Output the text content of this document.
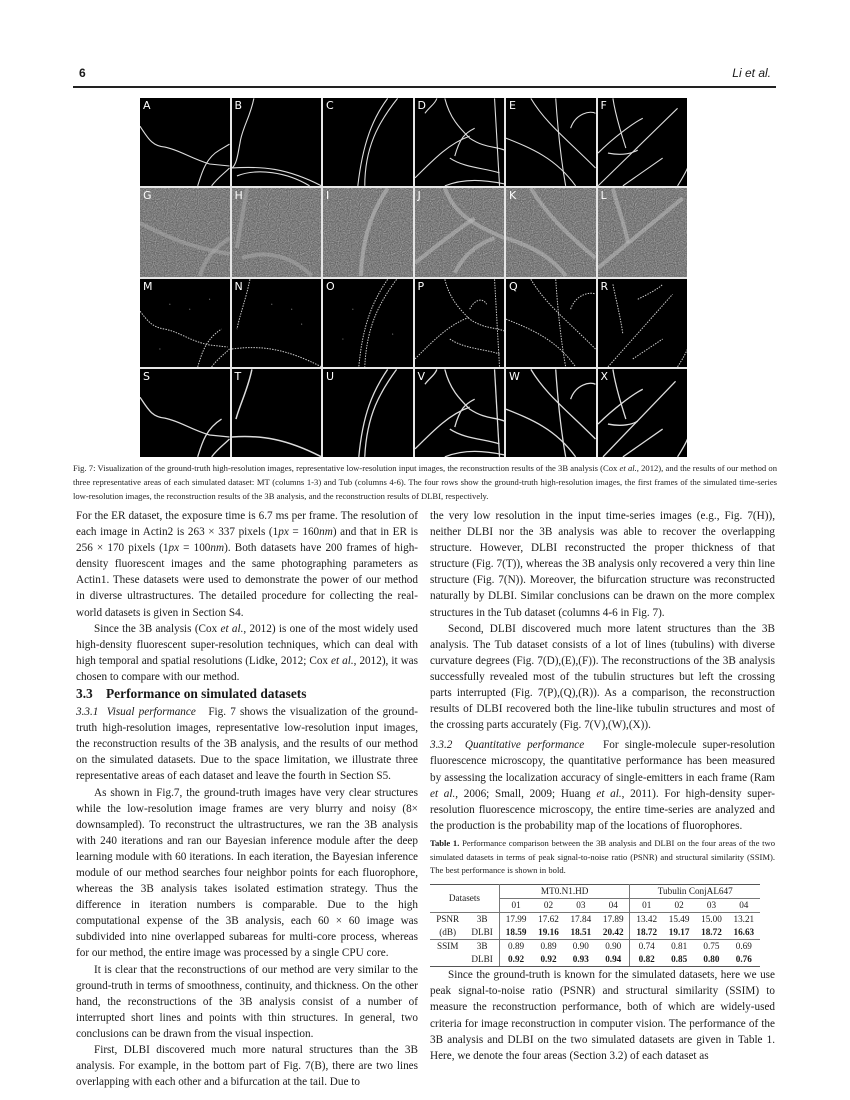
6	Li et al.
A	B	C	D	E	F
G	H	I	J	K	L
M	N	O	P	Q	R
S	T	U	V	W	X
Fig. 7: Visualization of the ground-truth high-resolution images, representative low-resolution input images, the reconstruction results of the 3B analysis (Cox et al., 2012), and the results of our method on three representative areas of each simulated dataset: MT (columns 1-3) and Tub (columns 4-6). The four rows show the ground-truth high-resolution images, the first frames of the simulated time-series low-resolution images, the reconstruction results of the 3B analysis, and the reconstruction results of DLBI, respectively.

For the ER dataset, the exposure time is 6.7 ms per frame. The resolution of each image in Actin2 is 263 × 337 pixels (1px = 160nm) and that in ER is 256 × 170 pixels (1px = 100nm). Both datasets have 200 frames of high-density fluorescent images and the same photographing parameters as Actin1. These datasets were used to demonstrate the power of our method in diverse ultrastructures. The detailed procedure for collecting the real-world datasets is given in Section S4.

Since the 3B analysis (Cox et al., 2012) is one of the most widely used high-density fluorescent super-resolution techniques, which can deal with high temporal and spatial resolutions (Lidke, 2012; Cox et al., 2012), it was chosen to compare with our method.

3.3 Performance on simulated datasets

3.3.1 Visual performance Fig. 7 shows the visualization of the ground-truth high-resolution images, representative low-resolution input images, the reconstruction results of the 3B analysis, and the results of our method on the simulated datasets. Due to the space limitation, we illustrate three representative areas of each dataset and leave the fourth in Section S5.

As shown in Fig.7, the ground-truth images have very clear structures while the low-resolution image frames are very blurry and noisy (8× downsampled). To reconstruct the ultrastructures, we ran the 3B analysis with 240 iterations and ran our Bayesian inference module after the deep learning module with 60 iterations. In each iteration, the Bayesian inference module of our method searches four neighbor points for each fluorophore, whereas the 3B analysis takes isolated estimation strategy. Thus the difference in iteration numbers is comparable. Due to the high computational expense of the 3B analysis, each 60 × 60 image was subdivided into nine overlapped subareas for multi-core process, whereas for our method, the entire image was processed by a single CPU core.

It is clear that the reconstructions of our method are very similar to the ground-truth in terms of smoothness, continuity, and thickness. On the other hand, the reconstructions of the 3B analysis consist of a number of interrupted short lines and points with thin structures. In general, two conclusions can be drawn from the visual inspection.

First, DLBI discovered much more natural structures than the 3B analysis. For example, in the bottom part of Fig. 7(B), there are two lines overlapping with each other and a bifurcation at the tail. Due to

the very low resolution in the input time-series images (e.g., Fig. 7(H)), neither DLBI nor the 3B analysis was able to recover the overlapping structure. However, DLBI reconstructed the proper thickness of that structure (Fig. 7(T)), whereas the 3B analysis only recovered a very thin line structure (Fig. 7(N)). Moreover, the bifurcation structure was reconstructed naturally by DLBI. Similar conclusions can be drawn on the more complex structures in the Tub dataset (columns 4-6 in Fig. 7).

Second, DLBI discovered much more latent structures than the 3B analysis. The Tub dataset consists of a lot of lines (tubulins) with diverse curvature degrees (Fig. 7(D),(E),(F)). The reconstructions of the 3B analysis successfully revealed most of the tubulin structures but left the crossing parts interrupted (Fig. 7(P),(Q),(R)). As a comparison, the reconstruction results of DLBI recovered both the line-like tubulin structures and most of the crossing parts accurately (Fig. 7(V),(W),(X)).

3.3.2 Quantitative performance For single-molecule super-resolution fluorescence microscopy, the quantitative performance has been measured by assessing the localization accuracy of single-emitters in each frame (Ram et al., 2006; Small, 2009; Huang et al., 2011). For high-density super-resolution fluorescence microscopy, the entire time-series are analyzed and the production is the probability map of the locations of fluorophores.

Table 1. Performance comparison between the 3B analysis and DLBI on the four areas of the two simulated datasets in terms of peak signal-to-noise ratio (PSNR) and structural similarity (SSIM). The best performance is shown in bold.
Datasets		MT0.N1.HD				Tubulin ConjAL647			
		01	02	03	04	01	02	03	04
PSNR	3B	17.99	17.62	17.84	17.89	13.42	15.49	15.00	13.21
(dB)	DLBI	18.59	19.16	18.51	20.42	18.72	19.17	18.72	16.63
SSIM	3B	0.89	0.89	0.90	0.90	0.74	0.81	0.75	0.69
	DLBI	0.92	0.92	0.93	0.94	0.82	0.85	0.80	0.76

Since the ground-truth is known for the simulated datasets, here we use peak signal-to-noise ratio (PSNR) and structural similarity (SSIM) to measure the reconstruction performance, both of which are widely-used criteria for image reconstruction in computer vision. The performance of the 3B analysis and DLBI on the two simulated datasets are given in Table 1. Here, we denote the four areas (Section 3.2) of each dataset as
